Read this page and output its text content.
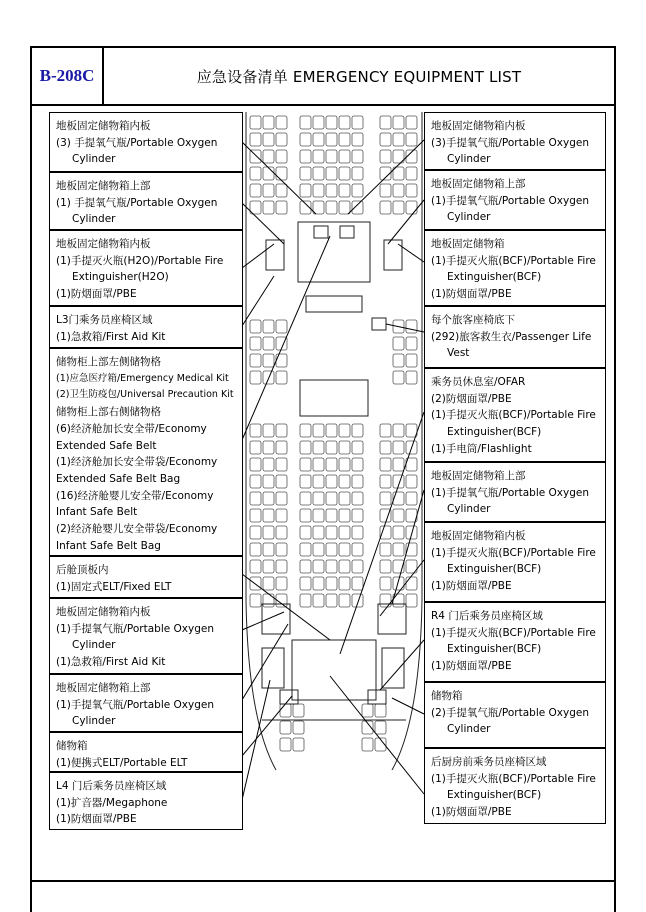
B-208C	应急设备清单 EMERGENCY EQUIPMENT LIST
地板固定储物箱内板
(3) 手提氧气瓶/Portable Oxygen
Cylinder
地板固定储物箱上部
(1) 手提氧气瓶/Portable Oxygen
Cylinder
地板固定储物箱内板
(1)手提灭火瓶(H2O)/Portable Fire
Extinguisher(H2O)
(1)防烟面罩/PBE
L3门乘务员座椅区域
(1)急救箱/First Aid Kit
储物柜上部左侧储物格
(1)应急医疗箱/Emergency Medical Kit
(2)卫生防疫包/Universal Precaution Kit
储物柜上部右侧储物格
(6)经济舱加长安全带/Economy
Extended Safe Belt
(1)经济舱加长安全带袋/Economy
Extended Safe Belt Bag
(16)经济舱婴儿安全带/Economy
Infant Safe Belt
(2)经济舱婴儿安全带袋/Economy
Infant Safe Belt Bag
后舱顶板内
(1)固定式ELT/Fixed ELT
地板固定储物箱内板
(1)手提氧气瓶/Portable Oxygen
Cylinder
(1)急救箱/First Aid Kit
地板固定储物箱上部
(1)手提氧气瓶/Portable Oxygen
Cylinder
储物箱
(1)便携式ELT/Portable ELT
L4 门后乘务员座椅区域
(1)扩音器/Megaphone
(1)防烟面罩/PBE
地板固定储物箱内板
(3)手提氧气瓶/Portable Oxygen
Cylinder
地板固定储物箱上部
(1)手提氧气瓶/Portable Oxygen
Cylinder
地板固定储物箱
(1)手提灭火瓶(BCF)/Portable Fire
Extinguisher(BCF)
(1)防烟面罩/PBE
每个旅客座椅底下
(292)旅客救生衣/Passenger Life
Vest
乘务员休息室/OFAR
(2)防烟面罩/PBE
(1)手提灭火瓶(BCF)/Portable Fire
Extinguisher(BCF)
(1)手电筒/Flashlight
地板固定储物箱上部
(1)手提氧气瓶/Portable Oxygen
Cylinder
地板固定储物箱内板
(1)手提灭火瓶(BCF)/Portable Fire
Extinguisher(BCF)
(1)防烟面罩/PBE
R4 门后乘务员座椅区域
(1)手提灭火瓶(BCF)/Portable Fire
Extinguisher(BCF)
(1)防烟面罩/PBE
储物箱
(2)手提氧气瓶/Portable Oxygen
Cylinder
后厨房前乘务员座椅区域
(1)手提灭火瓶(BCF)/Portable Fire
Extinguisher(BCF)
(1)防烟面罩/PBE
